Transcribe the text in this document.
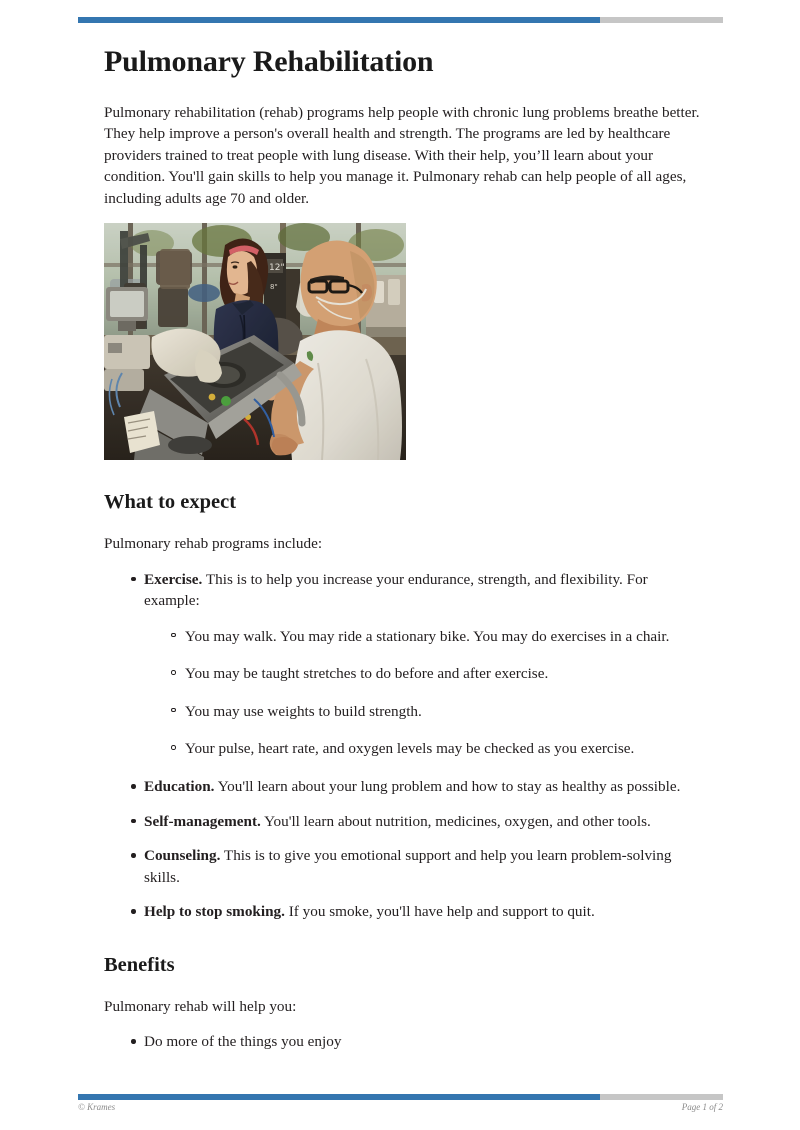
Pulmonary Rehabilitation

Pulmonary rehabilitation (rehab) programs help people with chronic lung problems breathe better. They help improve a person's overall health and strength. The programs are led by healthcare providers trained to treat people with lung disease. With their help, you’ll learn about your condition. You'll gain skills to help you manage it. Pulmonary rehab can help people of all ages, including adults age 70 and older.

12"
8"
What to expect

Pulmonary rehab programs include:

Exercise. This is to help you increase your endurance, strength, and flexibility. For example:
You may walk. You may ride a stationary bike. You may do exercises in a chair.
You may be taught stretches to do before and after exercise.
You may use weights to build strength.
Your pulse, heart rate, and oxygen levels may be checked as you exercise.
Education. You'll learn about your lung problem and how to stay as healthy as possible.
Self-management. You'll learn about nutrition, medicines, oxygen, and other tools.
Counseling. This is to give you emotional support and help you learn problem-solving skills.
Help to stop smoking. If you smoke, you'll have help and support to quit.
Benefits

Pulmonary rehab will help you:

Do more of the things you enjoy
© Krames	Page 1 of 2
